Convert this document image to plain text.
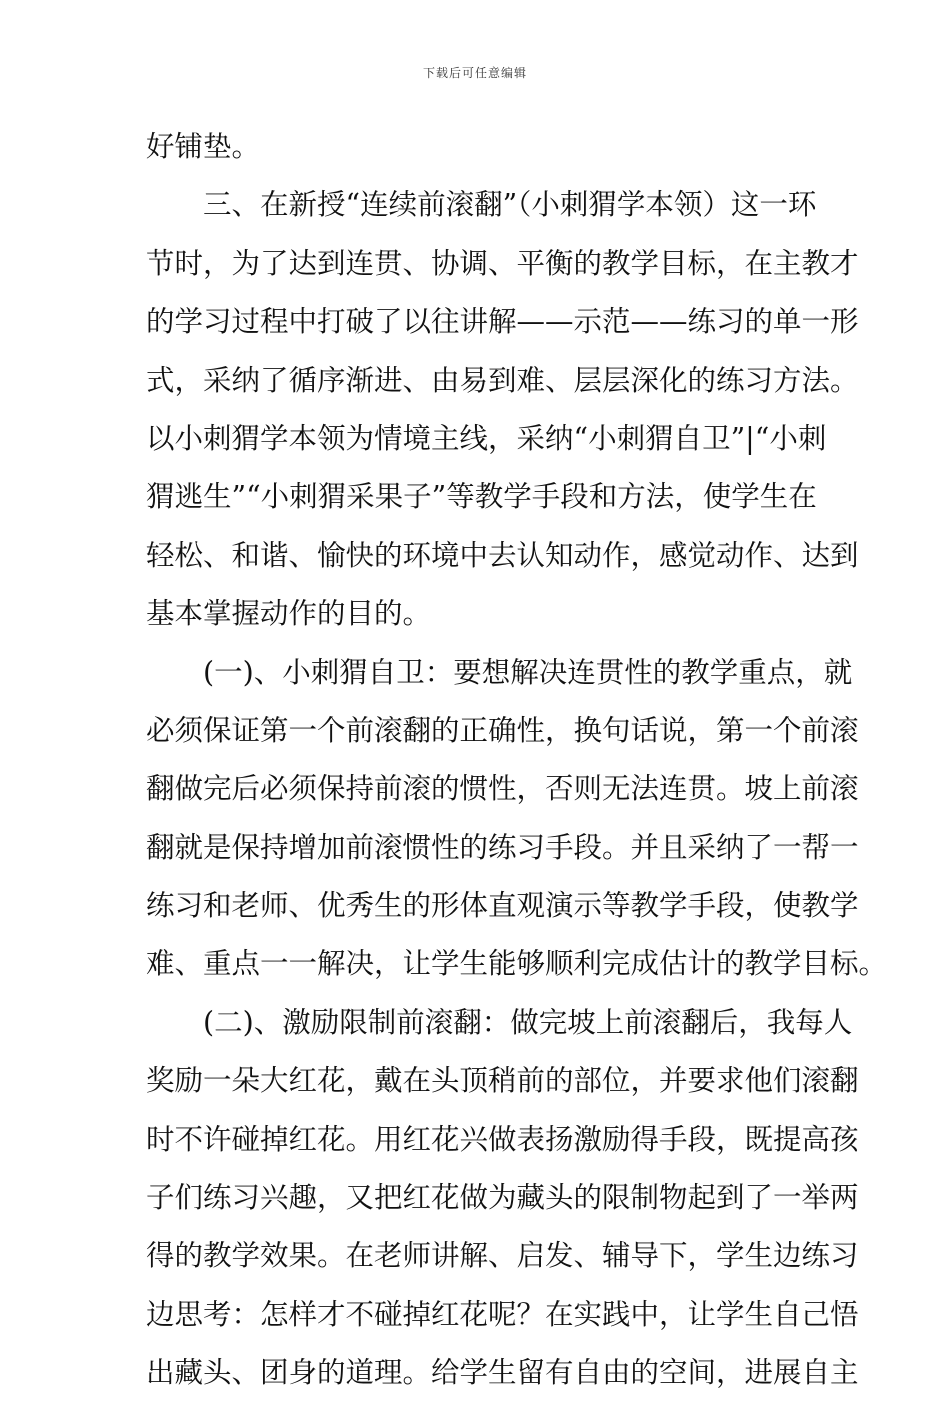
下载后可任意编辑
好铺垫。
　　三、在新授“连续前滚翻”（小刺猬学本领）这一环
节时，为了达到连贯、协调、平衡的教学目标，在主教才
的学习过程中打破了以往讲解——示范——练习的单一形
式，采纳了循序渐进、由易到难、层层深化的练习方法。
以小刺猬学本领为情境主线，采纳“小刺猬自卫”|“小刺
猬逃生”“小刺猬采果子”等教学手段和方法，使学生在
轻松、和谐、愉快的环境中去认知动作，感觉动作、达到
基本掌握动作的目的。
　　(一)、小刺猬自卫：要想解决连贯性的教学重点，就
必须保证第一个前滚翻的正确性，换句话说，第一个前滚
翻做完后必须保持前滚的惯性，否则无法连贯。坡上前滚
翻就是保持增加前滚惯性的练习手段。并且采纳了一帮一
练习和老师、优秀生的形体直观演示等教学手段，使教学
难、重点一一解决，让学生能够顺利完成估计的教学目标。
　　(二)、激励限制前滚翻：做完坡上前滚翻后，我每人
奖励一朵大红花，戴在头顶稍前的部位，并要求他们滚翻
时不许碰掉红花。用红花兴做表扬激励得手段，既提高孩
子们练习兴趣，又把红花做为藏头的限制物起到了一举两
得的教学效果。在老师讲解、启发、辅导下，学生边练习
边思考：怎样才不碰掉红花呢？在实践中，让学生自己悟
出藏头、团身的道理。给学生留有自由的空间，进展自主
